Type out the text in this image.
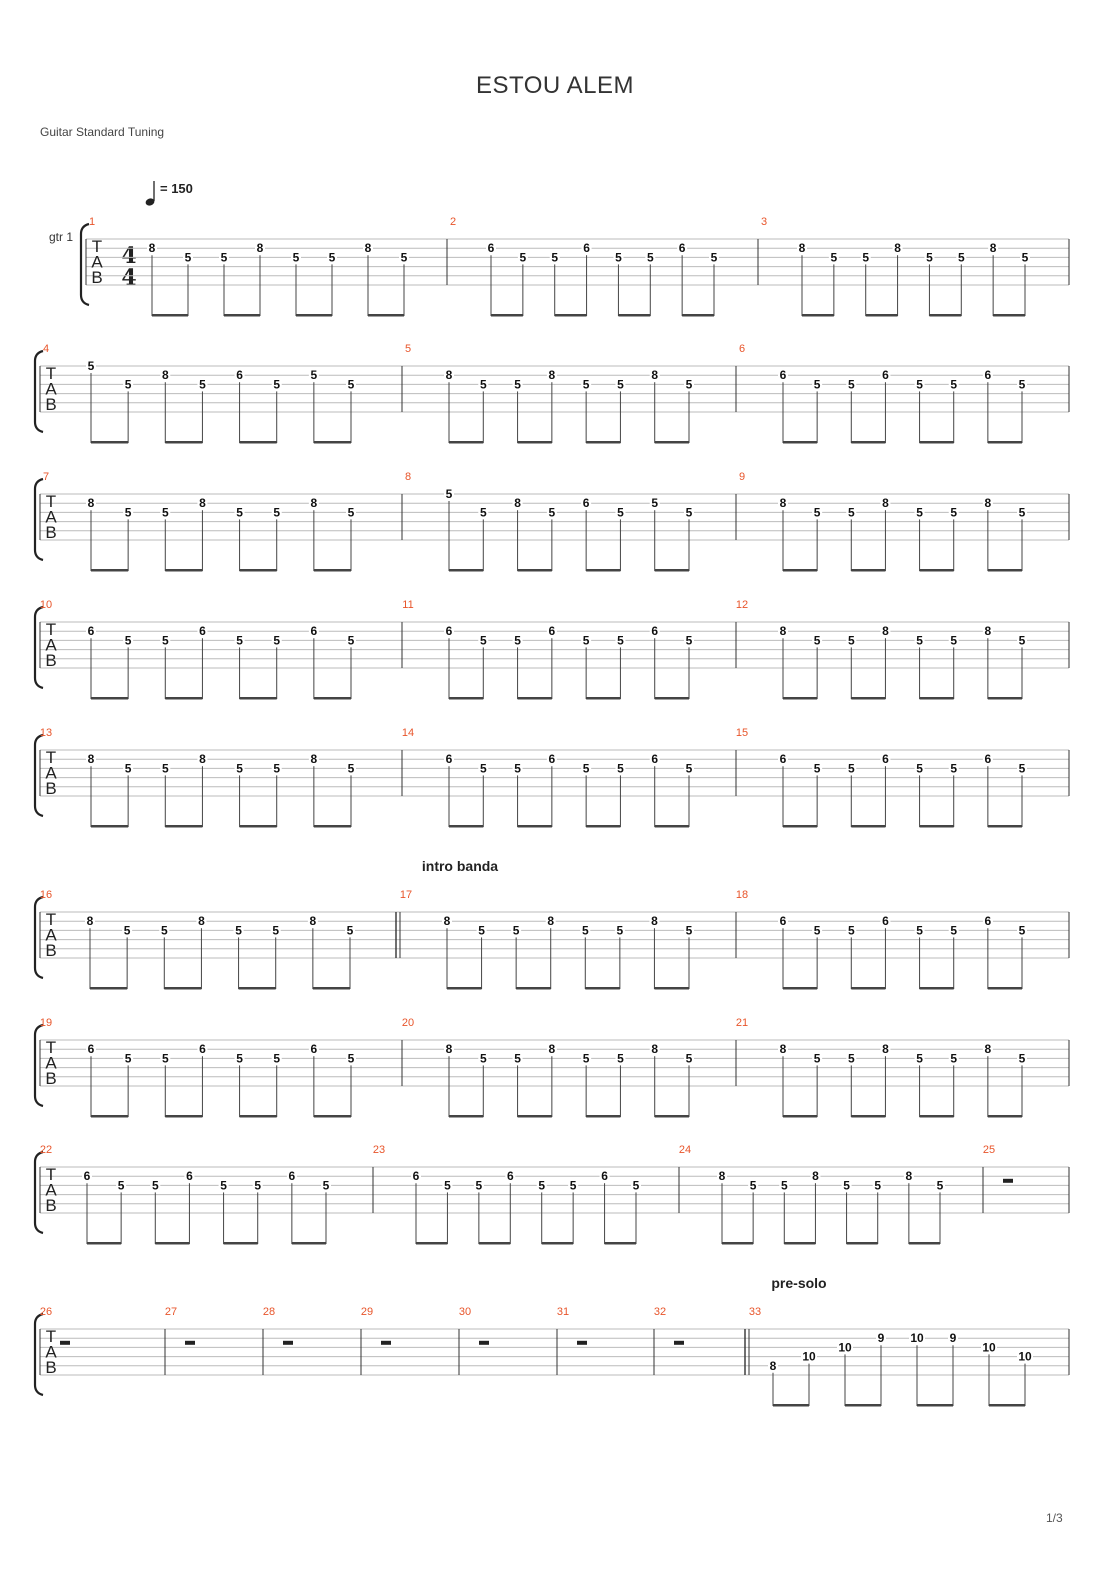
ESTOU ALEM
Guitar Standard Tuning
gtr 1
= 150
4
4
T
A
B
1
8
5 5
8
5 5
8
5
2
6
5 5
6
5 5
6
5
3
8
5 5
8
5 5
8
5
T
A
B
4
5
5
8
5
6
5
5
5
5
8
5 5
8
5 5
8
5
6
6
5 5
6
5 5
6
5
T
A
B
7
8
5	5
8
5	5
8
5
8
5
5
8
5
6
5
5
5
9
8
5 5
8
5 5
8
5
T
A
B
10
6
5	5
6
5	5
6
5
11
6
5 5
6
5 5
6
5
12
8
5 5
8
5 5
8
5
T
A
B
13
8
5	5
8
5	5
8
5
14
6
5 5
6
5 5
6
5
15
6
5 5
6
5 5
6
5
T
A
B
16
8
5	5
8
5	5
8
5
intro banda
17
8
5 5
8
5 5
8
5
18
6
5 5
6
5 5
6
5
T
A
B
19
6
5	5
6
5	5
6
5
20
8
5 5
8
5 5
8
5
21
8
5 5
8
5 5
8
5
T
A
B
22
6
5 5
6
5 5
6
5
23
6
5 5
6
5 5
6
5
24
8
5 5
8
5 5
8
5
25
T
A
B
26	27	28	29	30	31	32
pre-solo
33
8
10
10
9 10 9
10
10
1/3
